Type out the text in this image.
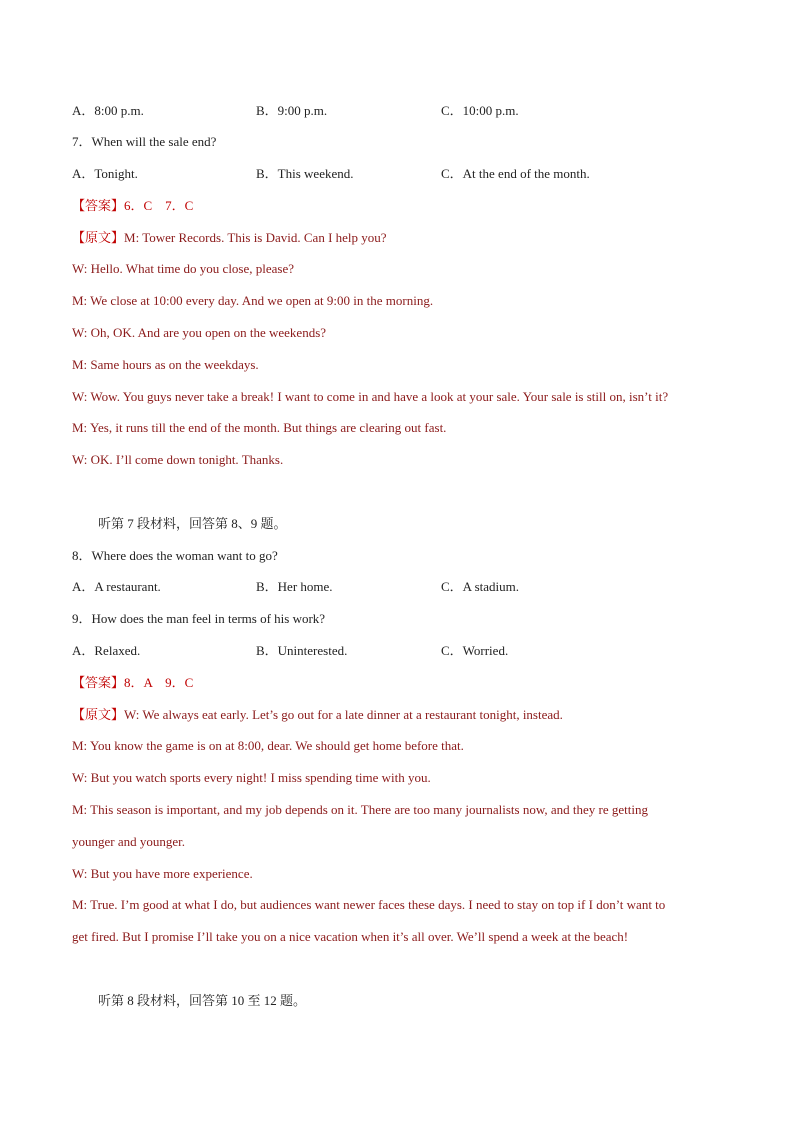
A．8:00 p.m.	B．9:00 p.m.	C．10:00 p.m.
7．When will the sale end?
A．Tonight.	B．This weekend.	C．At the end of the month.
【答案】6．C　7．C
【原文】M: Tower Records. This is David. Can I help you?
W: Hello. What time do you close, please?
M: We close at 10:00 every day. And we open at 9:00 in the morning.
W: Oh, OK. And are you open on the weekends?
M: Same hours as on the weekdays.
W: Wow. You guys never take a break! I want to come in and have a look at your sale. Your sale is still on, isn’t it?
M: Yes, it runs till the end of the month. But things are clearing out fast.
W: OK. I’ll come down tonight. Thanks.
听第 7 段材料，回答第 8、9 题。
8．Where does the woman want to go?
A．A restaurant.	B．Her home.	C．A stadium.
9．How does the man feel in terms of his work?
A．Relaxed.	B．Uninterested.	C．Worried.
【答案】8．A　9．C
【原文】W: We always eat early. Let’s go out for a late dinner at a restaurant tonight, instead.
M: You know the game is on at 8:00, dear. We should get home before that.
W: But you watch sports every night! I miss spending time with you.
M: This season is important, and my job depends on it. There are too many journalists now, and they re getting
younger and younger.
W: But you have more experience.
M: True. I’m good at what I do, but audiences want newer faces these days. I need to stay on top if I don’t want to
get fired. But I promise I’ll take you on a nice vacation when it’s all over. We’ll spend a week at the beach!
听第 8 段材料，回答第 10 至 12 题。
